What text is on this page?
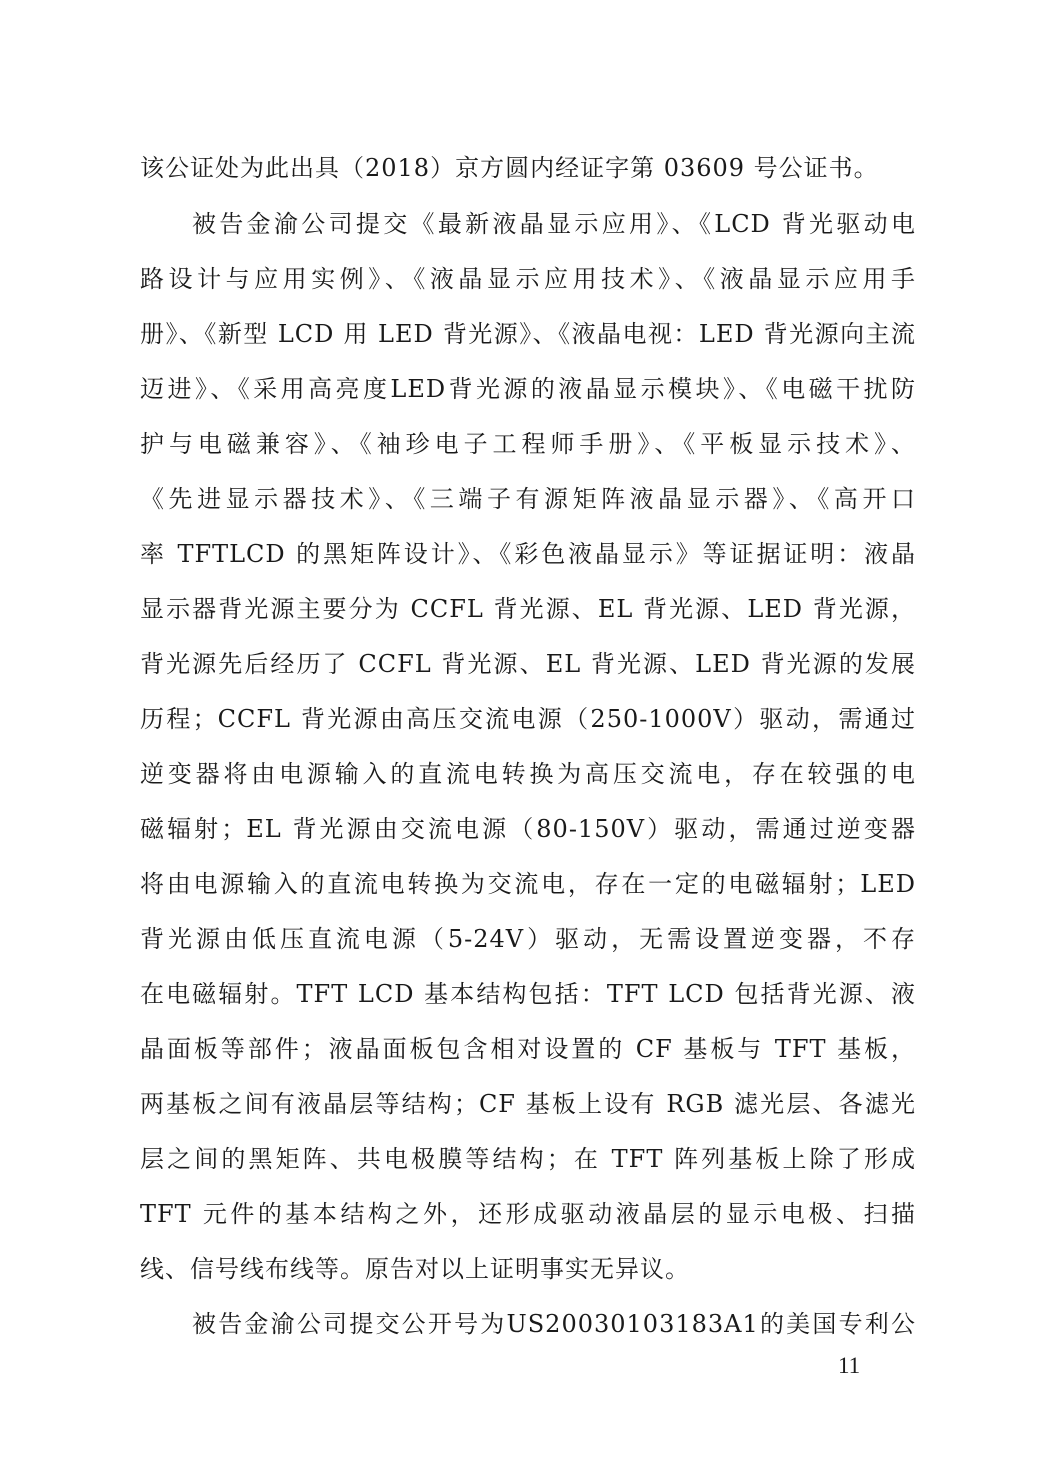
该公证处为此出具（2018）京方圆内经证字第 03609 号公证书。
被告金渝公司提交《最新液晶显示应用》、《LCD 背光驱动电
路设计与应用实例》、《液晶显示应用技术》、《液晶显示应用手
册》、《新型 LCD 用 LED 背光源》、《液晶电视：LED 背光源向主流
迈进》、《采用高亮度LED背光源的液晶显示模块》、《电磁干扰防
护与电磁兼容》、《袖珍电子工程师手册》、《平板显示技术》、
《先进显示器技术》、《三端子有源矩阵液晶显示器》、《高开口
率 TFTLCD 的黑矩阵设计》、《彩色液晶显示》等证据证明：液晶
显示器背光源主要分为 CCFL 背光源、EL 背光源、LED 背光源，
背光源先后经历了 CCFL 背光源、EL 背光源、LED 背光源的发展
历程；CCFL 背光源由高压交流电源（250-1000V）驱动，需通过
逆变器将由电源输入的直流电转换为高压交流电，存在较强的电
磁辐射；EL 背光源由交流电源（80-150V）驱动，需通过逆变器
将由电源输入的直流电转换为交流电，存在一定的电磁辐射；LED
背光源由低压直流电源（5-24V）驱动，无需设置逆变器，不存
在电磁辐射。TFT LCD 基本结构包括：TFT LCD 包括背光源、液
晶面板等部件；液晶面板包含相对设置的 CF 基板与 TFT 基板，
两基板之间有液晶层等结构；CF 基板上设有 RGB 滤光层、各滤光
层之间的黑矩阵、共电极膜等结构；在 TFT 阵列基板上除了形成
TFT 元件的基本结构之外，还形成驱动液晶层的显示电极、扫描
线、信号线布线等。原告对以上证明事实无异议。
被告金渝公司提交公开号为US20030103183A1的美国专利公
11
